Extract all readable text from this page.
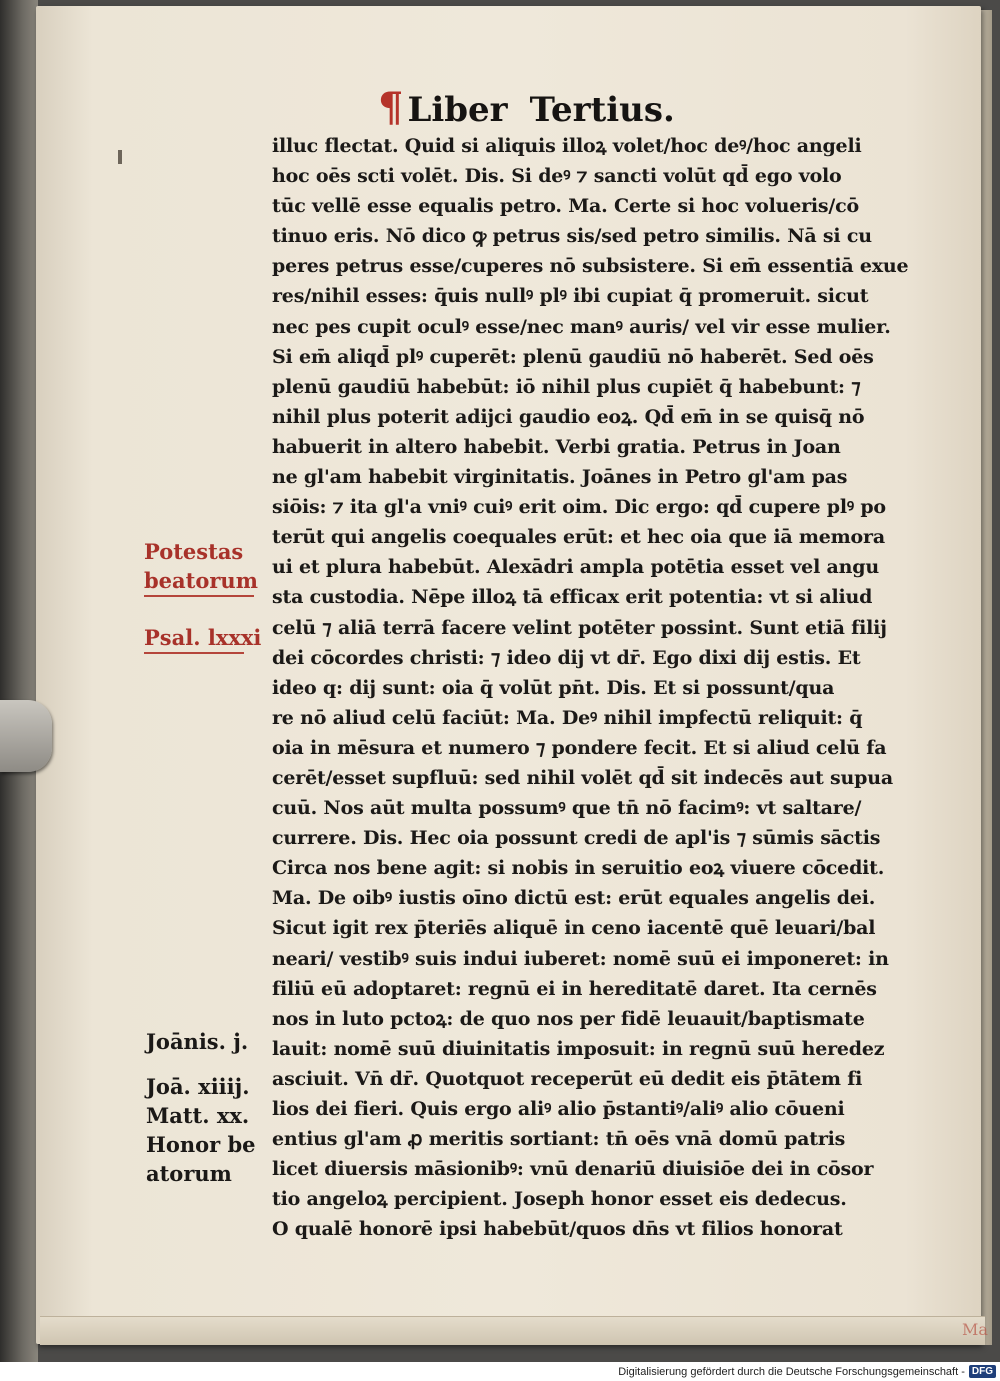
¶ Liber Tertius.
illuc flectat. Quid si aliquis illoꝝ volet/hoc deꝰ/hoc angeli
hoc oēs scti volēt. Dis. Si deꝰ ⁊ sancti volūt qd̄ ego volo
tūc vellē esse equalis petro. Ma. Certe si hoc volueris/cō
tinuo eris. Nō dico ꝙ petrus sis/sed petro similis. Nā si cu
peres petrus esse/cuperes nō subsistere. Si em̄ essentiā exue
res/nihil esses: q̄uis nullꝰ plꝰ ibi cupiat q̄ promeruit. sicut
nec pes cupit oculꝰ esse/nec manꝰ auris/ vel vir esse mulier.
Si em̄ aliqd̄ plꝰ cuperēt: plenū gaudiū nō haberēt. Sed oēs
plenū gaudiū habebūt: iō nihil plus cupiēt q̄ habebunt: ⁊
nihil plus poterit adijci gaudio eoꝝ. Qd̄ em̄ in se quisq̄ nō
habuerit in altero habebit. Verbi gratia. Petrus in Joan
ne gl'am habebit virginitatis. Joānes in Petro gl'am pas
siōis: ⁊ ita gl'a vniꝰ cuiꝰ erit oim. Dic ergo: qd̄ cupere plꝰ po
terūt qui angelis coequales erūt: et hec oia que iā memora
ui et plura habebūt. Alexādri ampla potētia esset vel angu
sta custodia. Nēpe illoꝝ tā efficax erit potentia: vt si aliud
celū ⁊ aliā terrā facere velint potēter possint. Sunt etiā filij
dei cōcordes christi: ⁊ ideo dij vt dr̄. Ego dixi dij estis. Et
ideo q: dij sunt: oia q̄ volūt pn̄t. Dis. Et si possunt/qua
re nō aliud celū faciūt: Ma. Deꝰ nihil impfectū reliquit: q̄
oia in mēsura et numero ⁊ pondere fecit. Et si aliud celū fa
cerēt/esset supfluū: sed nihil volēt qd̄ sit indecēs aut supua
cuū. Nos aūt multa possumꝰ que tn̄ nō facimꝰ: vt saltare/
currere. Dis. Hec oia possunt credi de apl'is ⁊ sūmis sāctis
Circa nos bene agit: si nobis in seruitio eoꝝ viuere cōcedit.
Ma. De oibꝰ iustis oīno dictū est: erūt equales angelis dei.
Sicut igit rex p̄teriēs aliquē in ceno iacentē quē leuari/bal
neari/ vestibꝰ suis indui iuberet: nomē suū ei imponeret: in
filiū eū adoptaret: regnū ei in hereditatē daret. Ita cernēs
nos in luto pctoꝝ: de quo nos per fidē leuauit/baptismate
lauit: nomē suū diuinitatis imposuit: in regnū suū heredez
asciuit. Vn̄ dr̄. Quotquot receperūt eū dedit eis p̄tātem fi
lios dei fieri. Quis ergo aliꝰ alio p̄stantiꝰ/aliꝰ alio cōueni
entius gl'am ꝓ meritis sortiant: tn̄ oēs vnā domū patris
licet diuersis māsionibꝰ: vnū denariū diuisiōe dei in cōsor
tio angeloꝝ percipient. Joseph honor esset eis dedecus.
O qualē honorē ipsi habebūt/quos dn̄s vt filios honorat
Potestas
beatorum
Psal. lxxxi
Joānis. j.
Joā. xiiij.
Matt. xx.
Honor be
atorum
Ma
Digitalisierung gefördert durch die Deutsche Forschungsgemeinschaft - DFG
